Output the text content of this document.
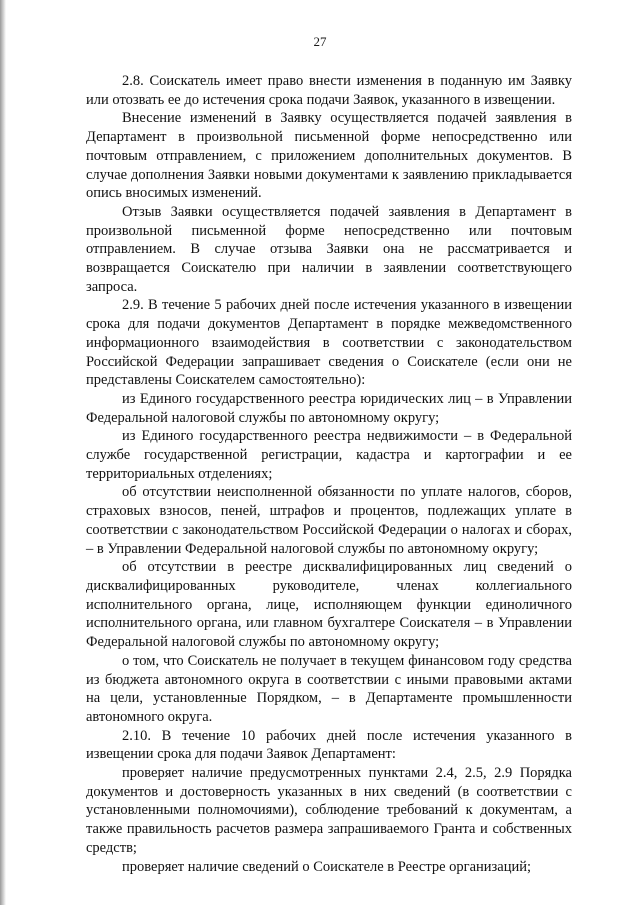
27

2.8. Соискатель имеет право внести изменения в поданную им Заявку или отозвать ее до истечения срока подачи Заявок, указанного в извещении.

Внесение изменений в Заявку осуществляется подачей заявления в Департамент в произвольной письменной форме непосредственно или почтовым отправлением, с приложением дополнительных документов. В случае дополнения Заявки новыми документами к заявлению прикладывается опись вносимых изменений.

Отзыв Заявки осуществляется подачей заявления в Департамент в произвольной письменной форме непосредственно или почтовым отправлением. В случае отзыва Заявки она не рассматривается и возвращается Соискателю при наличии в заявлении соответствующего запроса.

2.9. В течение 5 рабочих дней после истечения указанного в извещении срока для подачи документов Департамент в порядке межведомственного информационного взаимодействия в соответствии с законодательством Российской Федерации запрашивает сведения о Соискателе (если они не представлены Соискателем самостоятельно):

из Единого государственного реестра юридических лиц – в Управлении Федеральной налоговой службы по автономному округу;

из Единого государственного реестра недвижимости – в Федеральной службе государственной регистрации, кадастра и картографии и ее территориальных отделениях;

об отсутствии неисполненной обязанности по уплате налогов, сборов, страховых взносов, пеней, штрафов и процентов, подлежащих уплате в соответствии с законодательством Российской Федерации о налогах и сборах, – в Управлении Федеральной налоговой службы по автономному округу;

об отсутствии в реестре дисквалифицированных лиц сведений о дисквалифицированных руководителе, членах коллегиального исполнительного органа, лице, исполняющем функции единоличного исполнительного органа, или главном бухгалтере Соискателя – в Управлении Федеральной налоговой службы по автономному округу;

о том, что Соискатель не получает в текущем финансовом году средства из бюджета автономного округа в соответствии с иными правовыми актами на цели, установленные Порядком, – в Департаменте промышленности автономного округа.

2.10. В течение 10 рабочих дней после истечения указанного в извещении срока для подачи Заявок Департамент:

проверяет наличие предусмотренных пунктами 2.4, 2.5, 2.9 Порядка документов и достоверность указанных в них сведений (в соответствии с установленными полномочиями), соблюдение требований к документам, а также правильность расчетов размера запрашиваемого Гранта и собственных средств;

проверяет наличие сведений о Соискателе в Реестре организаций;
